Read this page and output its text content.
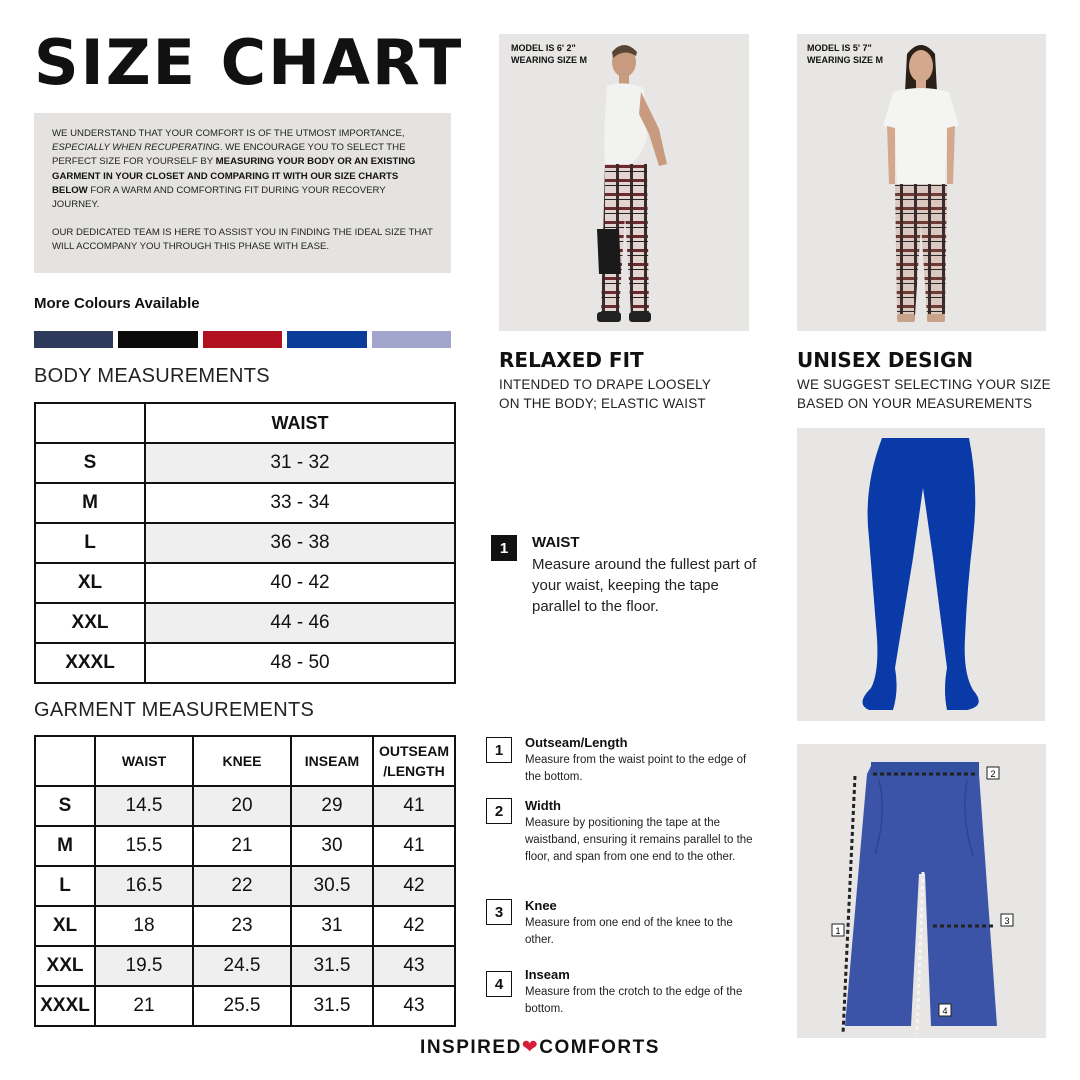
SIZE CHART

WE UNDERSTAND THAT YOUR COMFORT IS OF THE UTMOST IMPORTANCE, ESPECIALLY WHEN RECUPERATING. WE ENCOURAGE YOU TO SELECT THE PERFECT SIZE FOR YOURSELF BY MEASURING YOUR BODY OR AN EXISTING GARMENT IN YOUR CLOSET AND COMPARING IT WITH OUR SIZE CHARTS BELOW FOR A WARM AND COMFORTING FIT DURING YOUR RECOVERY JOURNEY.

OUR DEDICATED TEAM IS HERE TO ASSIST YOU IN FINDING THE IDEAL SIZE THAT WILL ACCOMPANY YOU THROUGH THIS PHASE WITH EASE.

More Colours Available
BODY MEASUREMENTS
	WAIST
S	31 - 32
M	33 - 34
L	36 - 38
XL	40 - 42
XXL	44 - 46
XXXL	48 - 50
GARMENT MEASUREMENTS
	WAIST	KNEE	INSEAM	OUTSEAM
/LENGTH
S	14.5	20	29	41
M	15.5	21	30	41
L	16.5	22	30.5	42
XL	18	23	31	42
XXL	19.5	24.5	31.5	43
XXXL	21	25.5	31.5	43
MODEL IS 6' 2"
WEARING SIZE M
MODEL IS 5' 7"
WEARING SIZE M
RELAXED FIT
INTENDED TO DRAPE LOOSELY
ON THE BODY; ELASTIC WAIST
UNISEX DESIGN
WE SUGGEST SELECTING YOUR SIZE
BASED ON YOUR MEASUREMENTS
1	WAIST
Measure around the fullest part of your waist, keeping the tape parallel to the floor.
1	Outseam/Length
Measure from the waist point to the edge of the bottom.
2	Width
Measure by positioning the tape at the waistband, ensuring it remains parallel to the floor, and span from one end to the other.
3	Knee
Measure from one end of the knee to the other.
4
Inseam
Measure from the crotch to the edge of the bottom.
2
3
1
4
INSPIRED❤COMFORTS
